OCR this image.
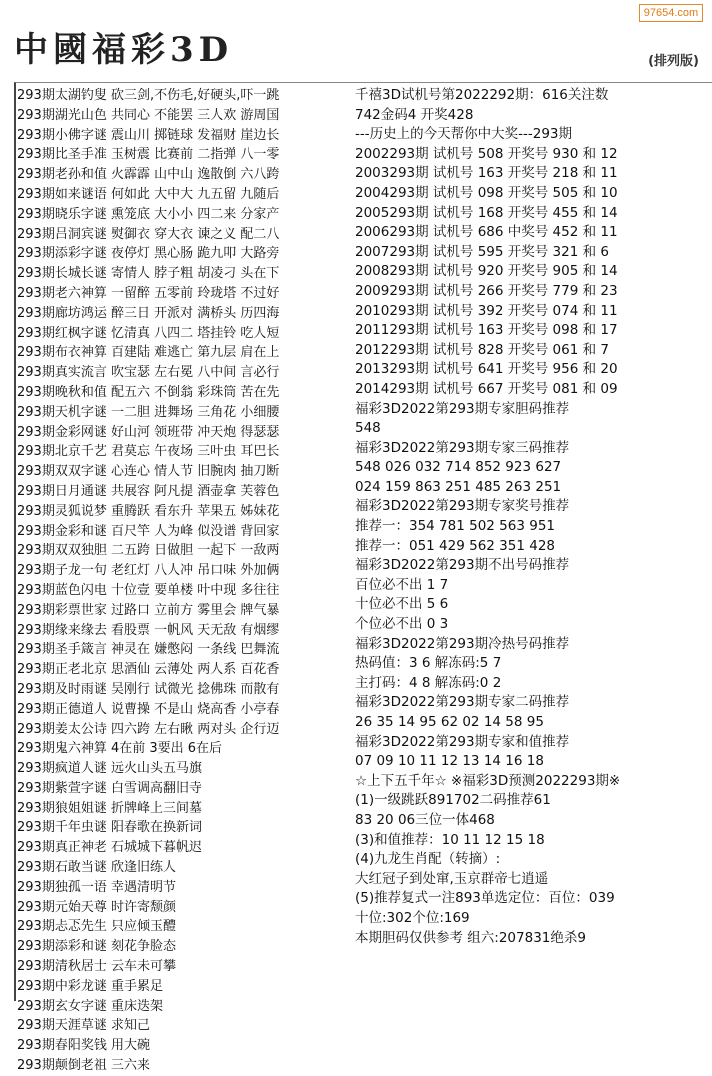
97654.com
中國福彩3D	(排列版)
293期太湖钓叟 砍三剑,不伤毛,好硬头,吓一跳
293期湖光山色 共同心 不能罢 三人欢 游周国
293期小佛字谜 震山川 掷链球 发福财 崖边长
293期比圣手准 玉树震 比赛前 二指弹 八一零
293期老孙和值 火霹霹 山中山 逸散倒 六八跨
293期如来谜语 何如此 大中大 九五留 九随后
293期晓乐字谜 熏笼底 大小小 四二来 分家产
293期吕洞宾谜 熨御衣 穿大衣 谏之义 配二八
293期添彩字谜 夜停灯 黑心肠 跪九叩 大路旁
293期长城长谜 寄情人 脖子粗 胡凌刁 头在下
293期老六神算 一留醉 五零前 玲珑塔 不过好
293期廊坊鸿运 醉三日 开派对 满桥头 历四海
293期红枫字谜 忆清真 八四二 塔挂铃 吃人短
293期布衣神算 百建陆 难逃亡 第九层 肩在上
293期真实流言 吹宝瑟 左右冕 八中间 言必行
293期晚秋和值 配五六 不倒翁 彩珠筒 苦在先
293期天机字谜 一二胆 进舞场 三角花 小细腰
293期金彩网谜 好山河 领班带 冲天炮 得瑟瑟
293期北京千艺 君莫忘 午夜场 三叶虫 耳巴长
293期双双字谜 心连心 情人节 旧腕肉 抽刀断
293期日月通谜 共展容 阿凡提 酒壶拿 芙蓉色
293期灵狐说梦 重腾跃 看东升 苹果五 姊妹花
293期金彩和谜 百尺竿 人为峰 似没谱 背回家
293期双双独胆 二五跨 日做胆 一起下 一敌两
293期子龙一句 老红灯 八人冲 吊口味 外加俩
293期蓝色闪电 十位壹 要单楼 叶中现 多往往
293期彩票世家 过路口 立前方 雾里会 牌气暴
293期缘来缘去 看股票 一帆风 天无敌 有烟缪
293期圣手箴言 神灵在 嫌憋闷 一条线 巴舞流
293期正老北京 思酒仙 云薄处 两人系 百花香
293期及时雨谜 吴刚行 试微光 捻佛珠 而散有
293期正德道人 说曹操 不是山 烧高香 小亭春
293期姜太公诗 四六跨 左右瞅 两对头 企行迈
293期鬼六神算 4在前 3要出 6在后
293期疯道人谜 远火山头五马旗
293期紫萱字谜 白雪调高翻旧寺
293期狼姐姐谜 折牌峰上三间墓
293期千年虫谜 阳春歌在换新词
293期真正神老 石城城下暮帆迟
293期石敢当谜 欣逢旧练人
293期独孤一语 幸遇清明节
293期元始天尊 时许寄颓颜
293期忐忑先生 只应倾玉醴
293期添彩和谜 刻花争脸态
293期清秋居士 云车未可攀
293期中彩龙谜 重手累足
293期玄女字谜 重床迭架
293期天涯草谜 求知己
293期春阳奖钱 用大碗
293期颠倒老祖 三六来
千禧3D试机号第2022292期：616关注数
742金码4 开奖428
---历史上的今天帮你中大奖---293期
2002293期 试机号 508 开奖号 930 和 12
2003293期 试机号 163 开奖号 218 和 11
2004293期 试机号 098 开奖号 505 和 10
2005293期 试机号 168 开奖号 455 和 14
2006293期 试机号 686 中奖号 452 和 11
2007293期 试机号 595 开奖号 321 和 6
2008293期 试机号 920 开奖号 905 和 14
2009293期 试机号 266 开奖号 779 和 23
2010293期 试机号 392 开奖号 074 和 11
2011293期 试机号 163 开奖号 098 和 17
2012293期 试机号 828 开奖号 061 和 7
2013293期 试机号 641 开奖号 956 和 20
2014293期 试机号 667 开奖号 081 和 09
福彩3D2022第293期专家胆码推荐
548
福彩3D2022第293期专家三码推荐
548 026 032 714 852 923 627
024 159 863 251 485 263 251
福彩3D2022第293期专家奖号推荐
推荐一：354 781 502 563 951
推荐一：051 429 562 351 428
福彩3D2022第293期不出号码推荐
百位必不出 1 7
十位必不出 5 6
个位必不出 0 3
福彩3D2022第293期冷热号码推荐
热码值：3 6 解冻码:5 7
主打码：4 8 解冻码:0 2
福彩3D2022第293期专家二码推荐
26 35 14 95 62 02 14 58 95
福彩3D2022第293期专家和值推荐
07 09 10 11 12 13 14 16 18
☆上下五千年☆ ※福彩3D预测2022293期※
(1)一级跳跃891702二码推荐61
83 20 06三位一体468
(3)和值推荐：10 11 12 15 18
(4)九龙生肖配（转摘）:
大红冠子到处窜,玉京群帝七逍遥
(5)推荐复式一注893单选定位：百位：039
十位:302个位:169
本期胆码仅供参考 组六:207831绝杀9
